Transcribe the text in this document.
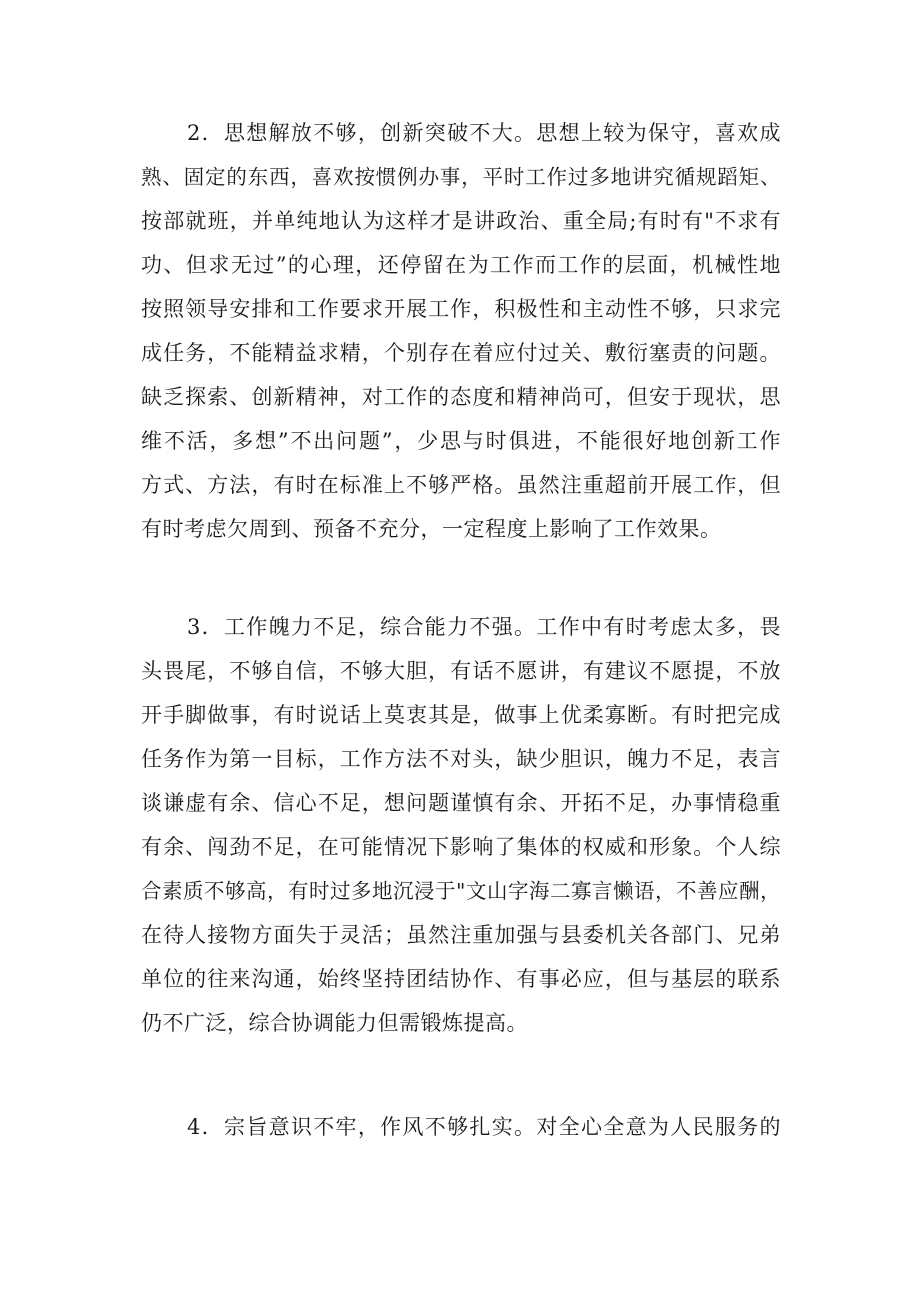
2．思想解放不够，创新突破不大。思想上较为保守，喜欢成
熟、固定的东西，喜欢按惯例办事，平时工作过多地讲究循规蹈矩、
按部就班，并单纯地认为这样才是讲政治、重全局;有时有"不求有
功、但求无过”的心理，还停留在为工作而工作的层面，机械性地
按照领导安排和工作要求开展工作，积极性和主动性不够，只求完
成任务，不能精益求精，个别存在着应付过关、敷衍塞责的问题。
缺乏探索、创新精神，对工作的态度和精神尚可，但安于现状，思
维不活，多想”不出问题”，少思与时俱进，不能很好地创新工作
方式、方法，有时在标准上不够严格。虽然注重超前开展工作，但
有时考虑欠周到、预备不充分，一定程度上影响了工作效果。
3．工作魄力不足，综合能力不强。工作中有时考虑太多，畏
头畏尾，不够自信，不够大胆，有话不愿讲，有建议不愿提，不放
开手脚做事，有时说话上莫衷其是，做事上优柔寡断。有时把完成
任务作为第一目标，工作方法不对头，缺少胆识，魄力不足，表言
谈谦虚有余、信心不足，想问题谨慎有余、开拓不足，办事情稳重
有余、闯劲不足，在可能情况下影响了集体的权威和形象。个人综
合素质不够高，有时过多地沉浸于"文山字海二寡言懒语，不善应酬，
在待人接物方面失于灵活；虽然注重加强与县委机关各部门、兄弟
单位的往来沟通，始终坚持团结协作、有事必应，但与基层的联系
仍不广泛，综合协调能力但需锻炼提高。
4．宗旨意识不牢，作风不够扎实。对全心全意为人民服务的
